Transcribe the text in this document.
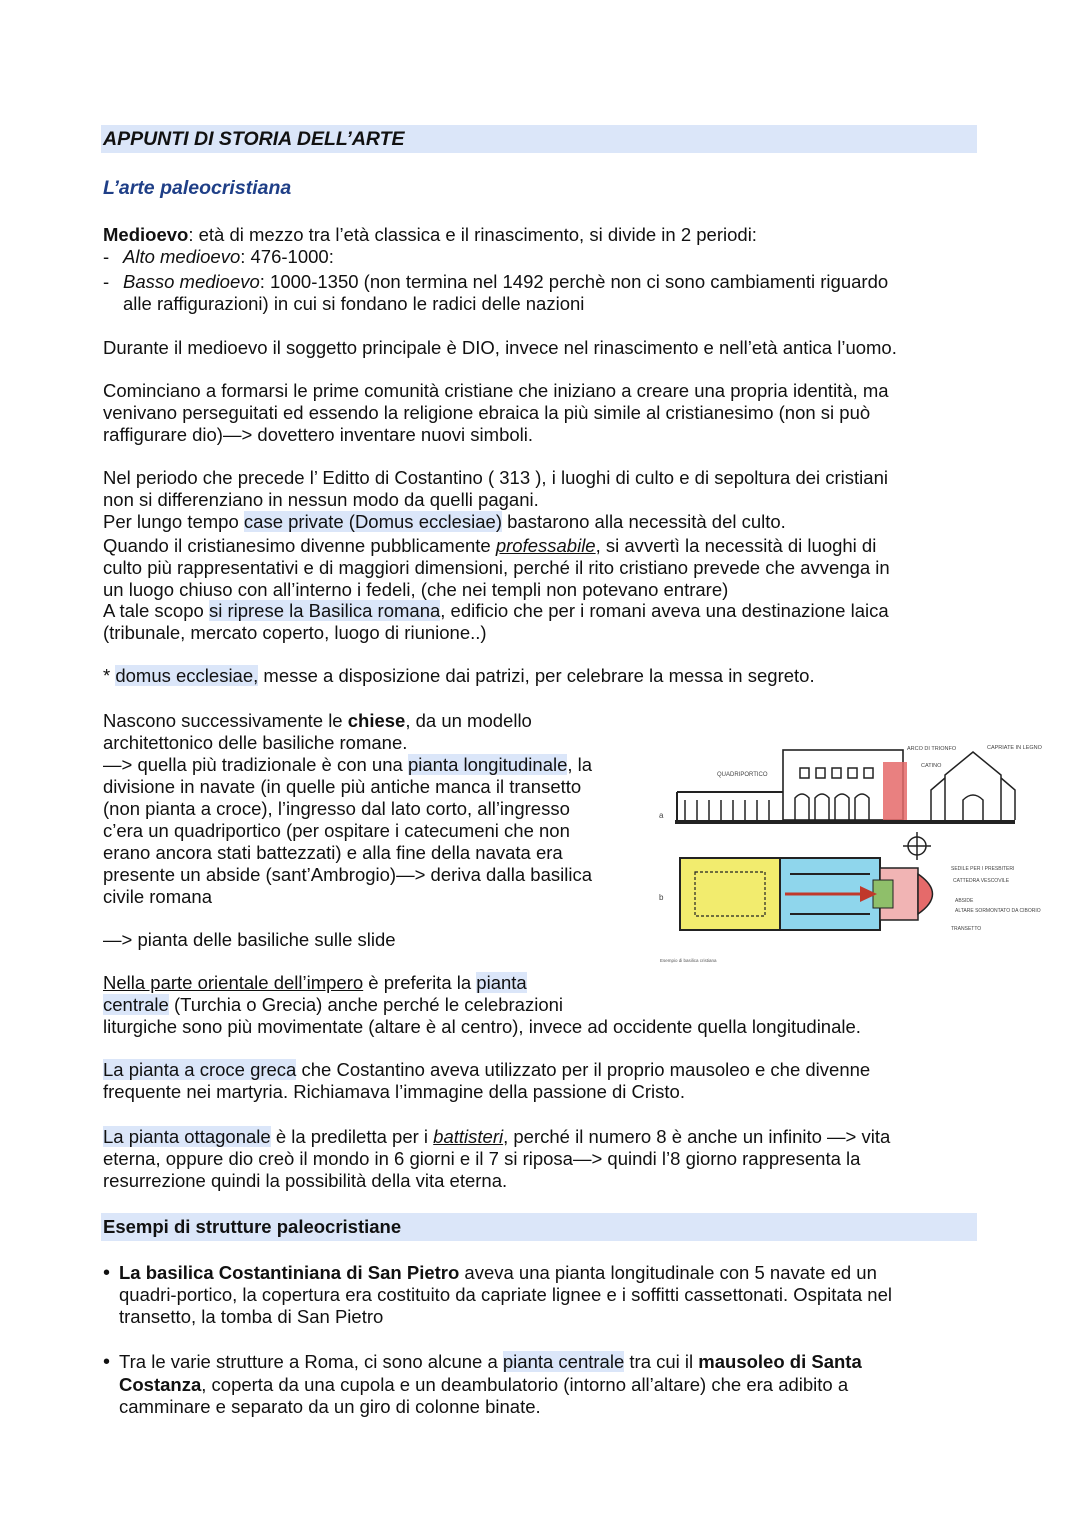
APPUNTI DI STORIA DELL’ARTE
L’arte paleocristiana
Medioevo: età di mezzo tra l’età classica e il rinascimento, si divide in 2 periodi:
- Alto medioevo: 476-1000:
- Basso medioevo: 1000-1350 (non termina nel 1492 perchè non ci sono cambiamenti riguardo
alle raffigurazioni) in cui si fondano le radici delle nazioni
Durante il medioevo il soggetto principale è DIO, invece nel rinascimento e nell’età antica l’uomo.
Cominciano a formarsi le prime comunità cristiane che iniziano a creare una propria identità, ma
venivano perseguitati ed essendo la religione ebraica la più simile al cristianesimo (non si può
raffigurare dio)—> dovettero inventare nuovi simboli.
Nel periodo che precede l’ Editto di Costantino ( 313 ), i luoghi di culto e di sepoltura dei cristiani
non si differenziano in nessun modo da quelli pagani.
Per lungo tempo case private (Domus ecclesiae) bastarono alla necessità del culto.
Quando il cristianesimo divenne pubblicamente professabile, si avvertì la necessità di luoghi di
culto più rappresentativi e di maggiori dimensioni, perché il rito cristiano prevede che avvenga in
un luogo chiuso con all’interno i fedeli, (che nei templi non potevano entrare)
A tale scopo si riprese la Basilica romana, edificio che per i romani aveva una destinazione laica
(tribunale, mercato coperto, luogo di riunione..)
* domus ecclesiae, messe a disposizione dai patrizi, per celebrare la messa in segreto.
Nascono successivamente le chiese, da un modello
architettonico delle basiliche romane.
—> quella più tradizionale è con una pianta longitudinale, la
divisione in navate (in quelle più antiche manca il transetto
(non pianta a croce), l’ingresso dal lato corto, all’ingresso
c’era un quadriportico (per ospitare i catecumeni che non
erano ancora stati battezzati) e alla fine della navata era
presente un abside (sant’Ambrogio)—> deriva dalla basilica
civile romana
—> pianta delle basiliche sulle slide
QUADRIPORTICO
ARCO DI TRIONFO	CAPRIATE IN LEGNO
CATINO
a
b
SEDILE PER I PRESBITERI
CATTEDRA VESCOVILE
ABSIDE
ALTARE SORMONTATO DA CIBORIO
TRANSETTO
Esempio di basilica cristiana
Nella parte orientale dell’impero è preferita la pianta
centrale (Turchia o Grecia) anche perché le celebrazioni
liturgiche sono più movimentate (altare è al centro), invece ad occidente quella longitudinale.
La pianta a croce greca che Costantino aveva utilizzato per il proprio mausoleo e che divenne
frequente nei martyria. Richiamava l’immagine della passione di Cristo.
La pianta ottagonale è la prediletta per i battisteri, perché il numero 8 è anche un infinito —> vita
eterna, oppure dio creò il mondo in 6 giorni e il 7 si riposa—> quindi l’8 giorno rappresenta la
resurrezione quindi la possibilità della vita eterna.
Esempi di strutture paleocristiane
• La basilica Costantiniana di San Pietro aveva una pianta longitudinale con 5 navate ed un
quadri-portico, la copertura era costituito da capriate lignee e i soffitti cassettonati. Ospitata nel
transetto, la tomba di San Pietro
• Tra le varie strutture a Roma, ci sono alcune a pianta centrale tra cui il mausoleo di Santa
Costanza, coperta da una cupola e un deambulatorio (intorno all’altare) che era adibito a
camminare e separato da un giro di colonne binate.
